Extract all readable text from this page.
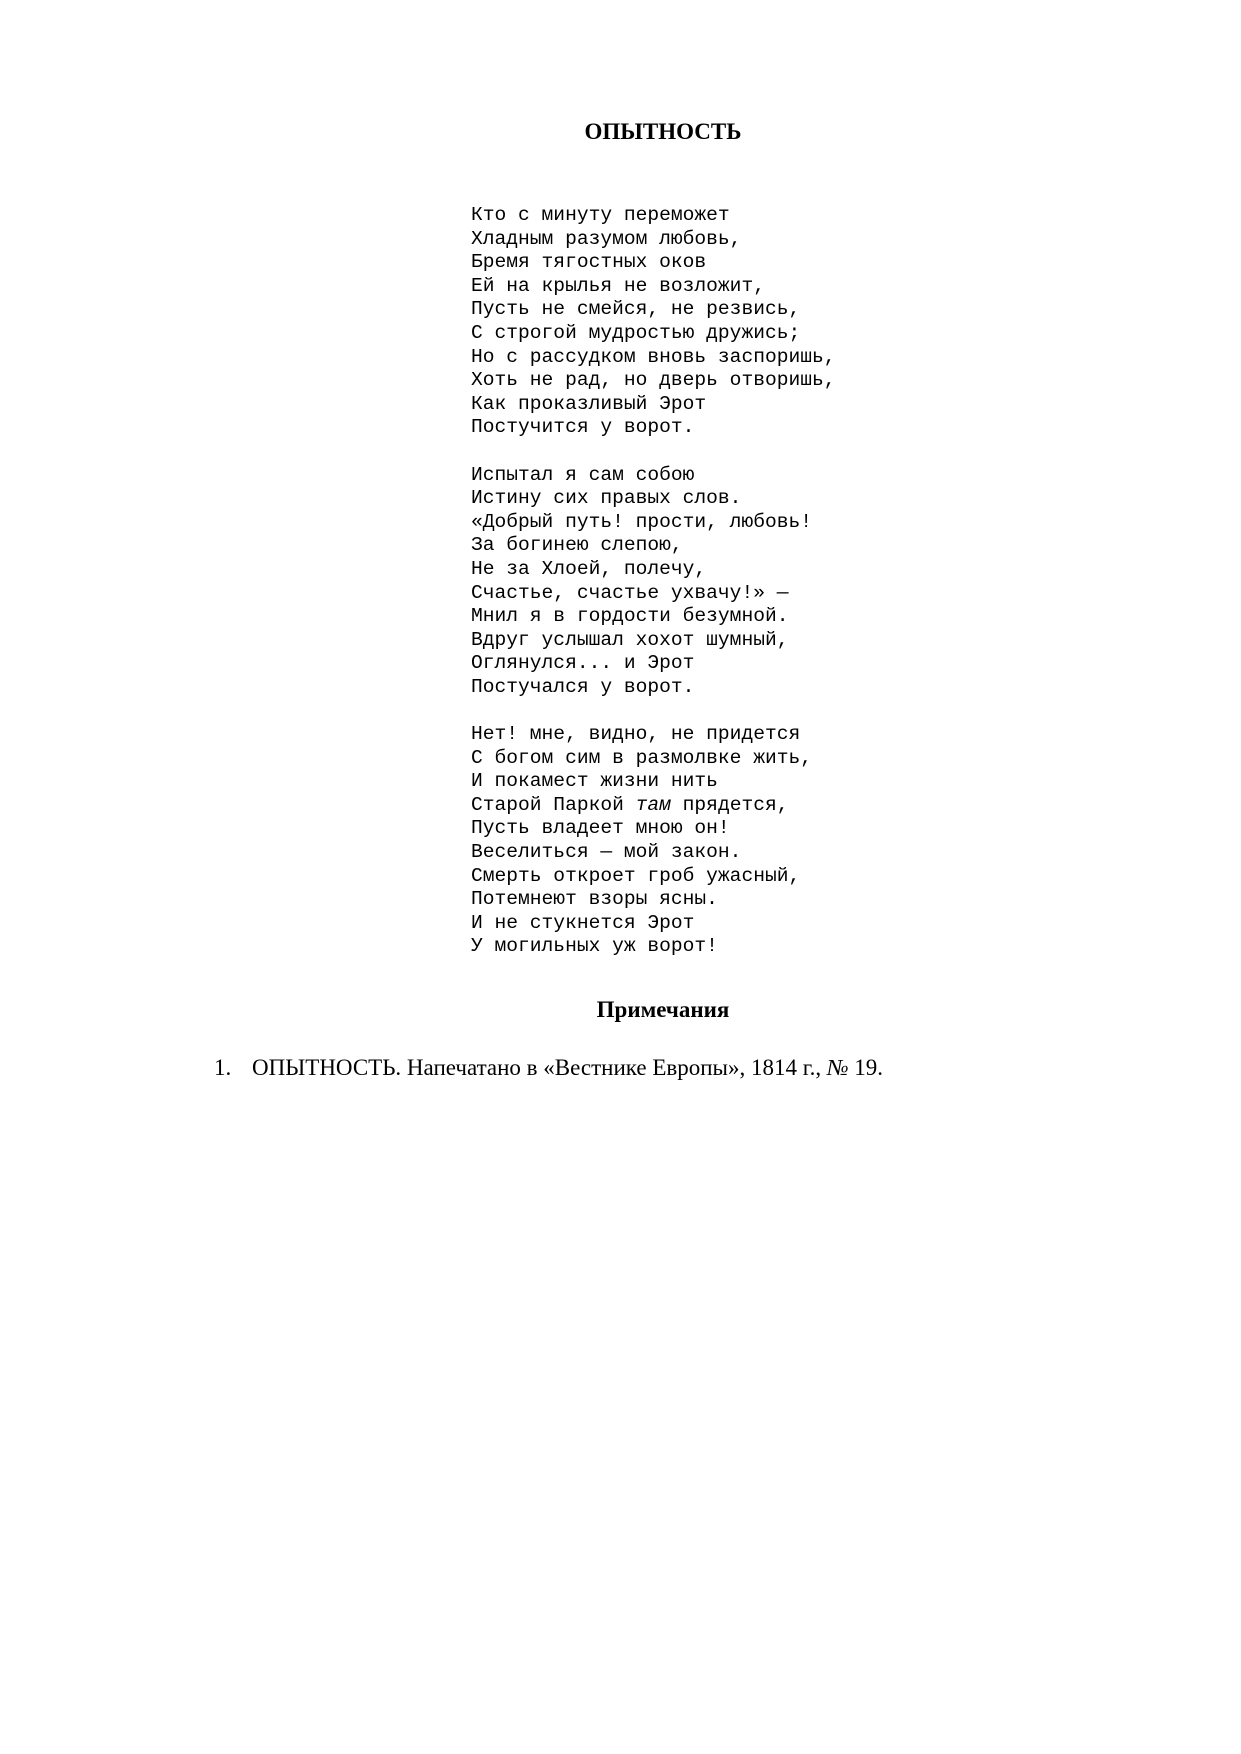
ОПЫТНОСТЬ
Кто с минуту переможет
Хладным разумом любовь,
Бремя тягостных оков
Ей на крылья не возложит,
Пусть не смейся, не резвись,
С строгой мудростью дружись;
Но с рассудком вновь заспоришь,
Хоть не рад, но дверь отворишь,
Как проказливый Эрот
Постучится у ворот.
Испытал я сам собою
Истину сих правых слов.
«Добрый путь! прости, любовь!
За богинею слепою,
Не за Хлоей, полечу,
Счастье, счастье ухвачу!» —
Мнил я в гордости безумной.
Вдруг услышал хохот шумный,
Оглянулся... и Эрот
Постучался у ворот.
Нет! мне, видно, не придется
С богом сим в размолвке жить,
И покамест жизни нить
Старой Паркой там прядется,
Пусть владеет мною он!
Веселиться — мой закон.
Смерть откроет гроб ужасный,
Потемнеют взоры ясны.
И не стукнется Эрот
У могильных уж ворот!
Примечания
1. ОПЫТНОСТЬ. Напечатано в «Вестнике Европы», 1814 г., № 19.
